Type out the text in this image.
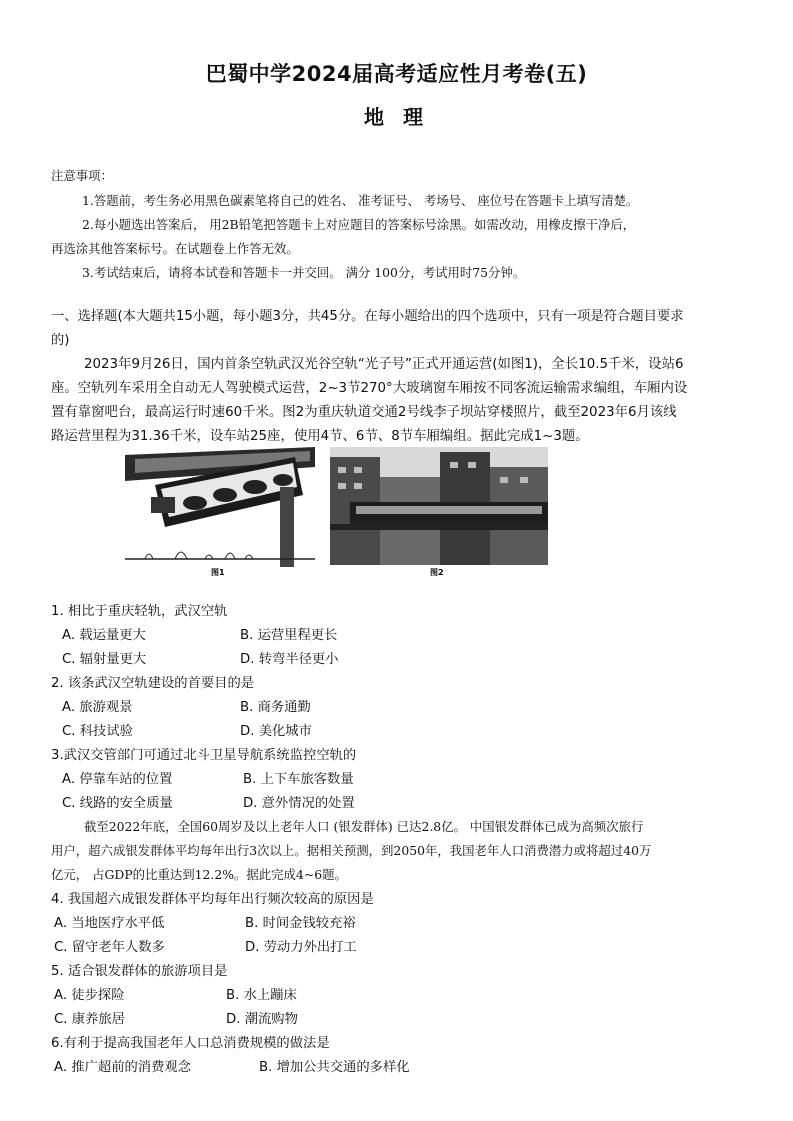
巴蜀中学2024届高考适应性月考卷(五)
地 理
注意事项：
1.答题前，考生务必用黑色碳素笔将自己的姓名、 准考证号、 考场号、 座位号在答题卡上填写清楚。
2.每小题选出答案后， 用2B铅笔把答题卡上对应题目的答案标号涂黑。如需改动，用橡皮擦干净后，
再选涂其他答案标号。在试题卷上作答无效。
3.考试结束后，请将本试卷和答题卡一并交回。 满分 100分，考试用时75分钟。
一、选择题(本大题共15小题，每小题3分，共45分。在每小题给出的四个选项中，只有一项是符合题目要求
的)
2023年9月26日，国内首条空轨武汉光谷空轨“光子号”正式开通运营(如图1)，全长10.5千米，设站6
座。空轨列车采用全自动无人驾驶模式运营，2~3节270°大玻璃窗车厢按不同客流运输需求编组，车厢内设
置有靠窗吧台，最高运行时速60千米。图2为重庆轨道交通2号线李子坝站穿楼照片，截至2023年6月该线
路运营里程为31.36千米，设车站25座，使用4节、6节、8节车厢编组。据此完成1~3题。
图1	图2
1. 相比于重庆轻轨，武汉空轨
A. 载运量更大	B. 运营里程更长
C. 辐射量更大	D. 转弯半径更小
2. 该条武汉空轨建设的首要目的是
A. 旅游观景	B. 商务通勤
C. 科技试验	D. 美化城市
3.武汉交管部门可通过北斗卫星导航系统监控空轨的
A. 停靠车站的位置	B. 上下车旅客数量
C. 线路的安全质量	D. 意外情况的处置
截至2022年底，全国60周岁及以上老年人口 (银发群体) 已达2.8亿。 中国银发群体已成为高频次旅行
用户，超六成银发群体平均每年出行3次以上。据相关预测，到2050年，我国老年人口消费潜力或将超过40万
亿元， 占GDP的比重达到12.2%。据此完成4~6题。
4. 我国超六成银发群体平均每年出行频次较高的原因是
A. 当地医疗水平低	B. 时间金钱较充裕
C. 留守老年人数多	D. 劳动力外出打工
5. 适合银发群体的旅游项目是
A. 徒步探险	B. 水上蹦床
C. 康养旅居	D. 潮流购物
6.有利于提高我国老年人口总消费规模的做法是
A. 推广超前的消费观念	B. 增加公共交通的多样化
